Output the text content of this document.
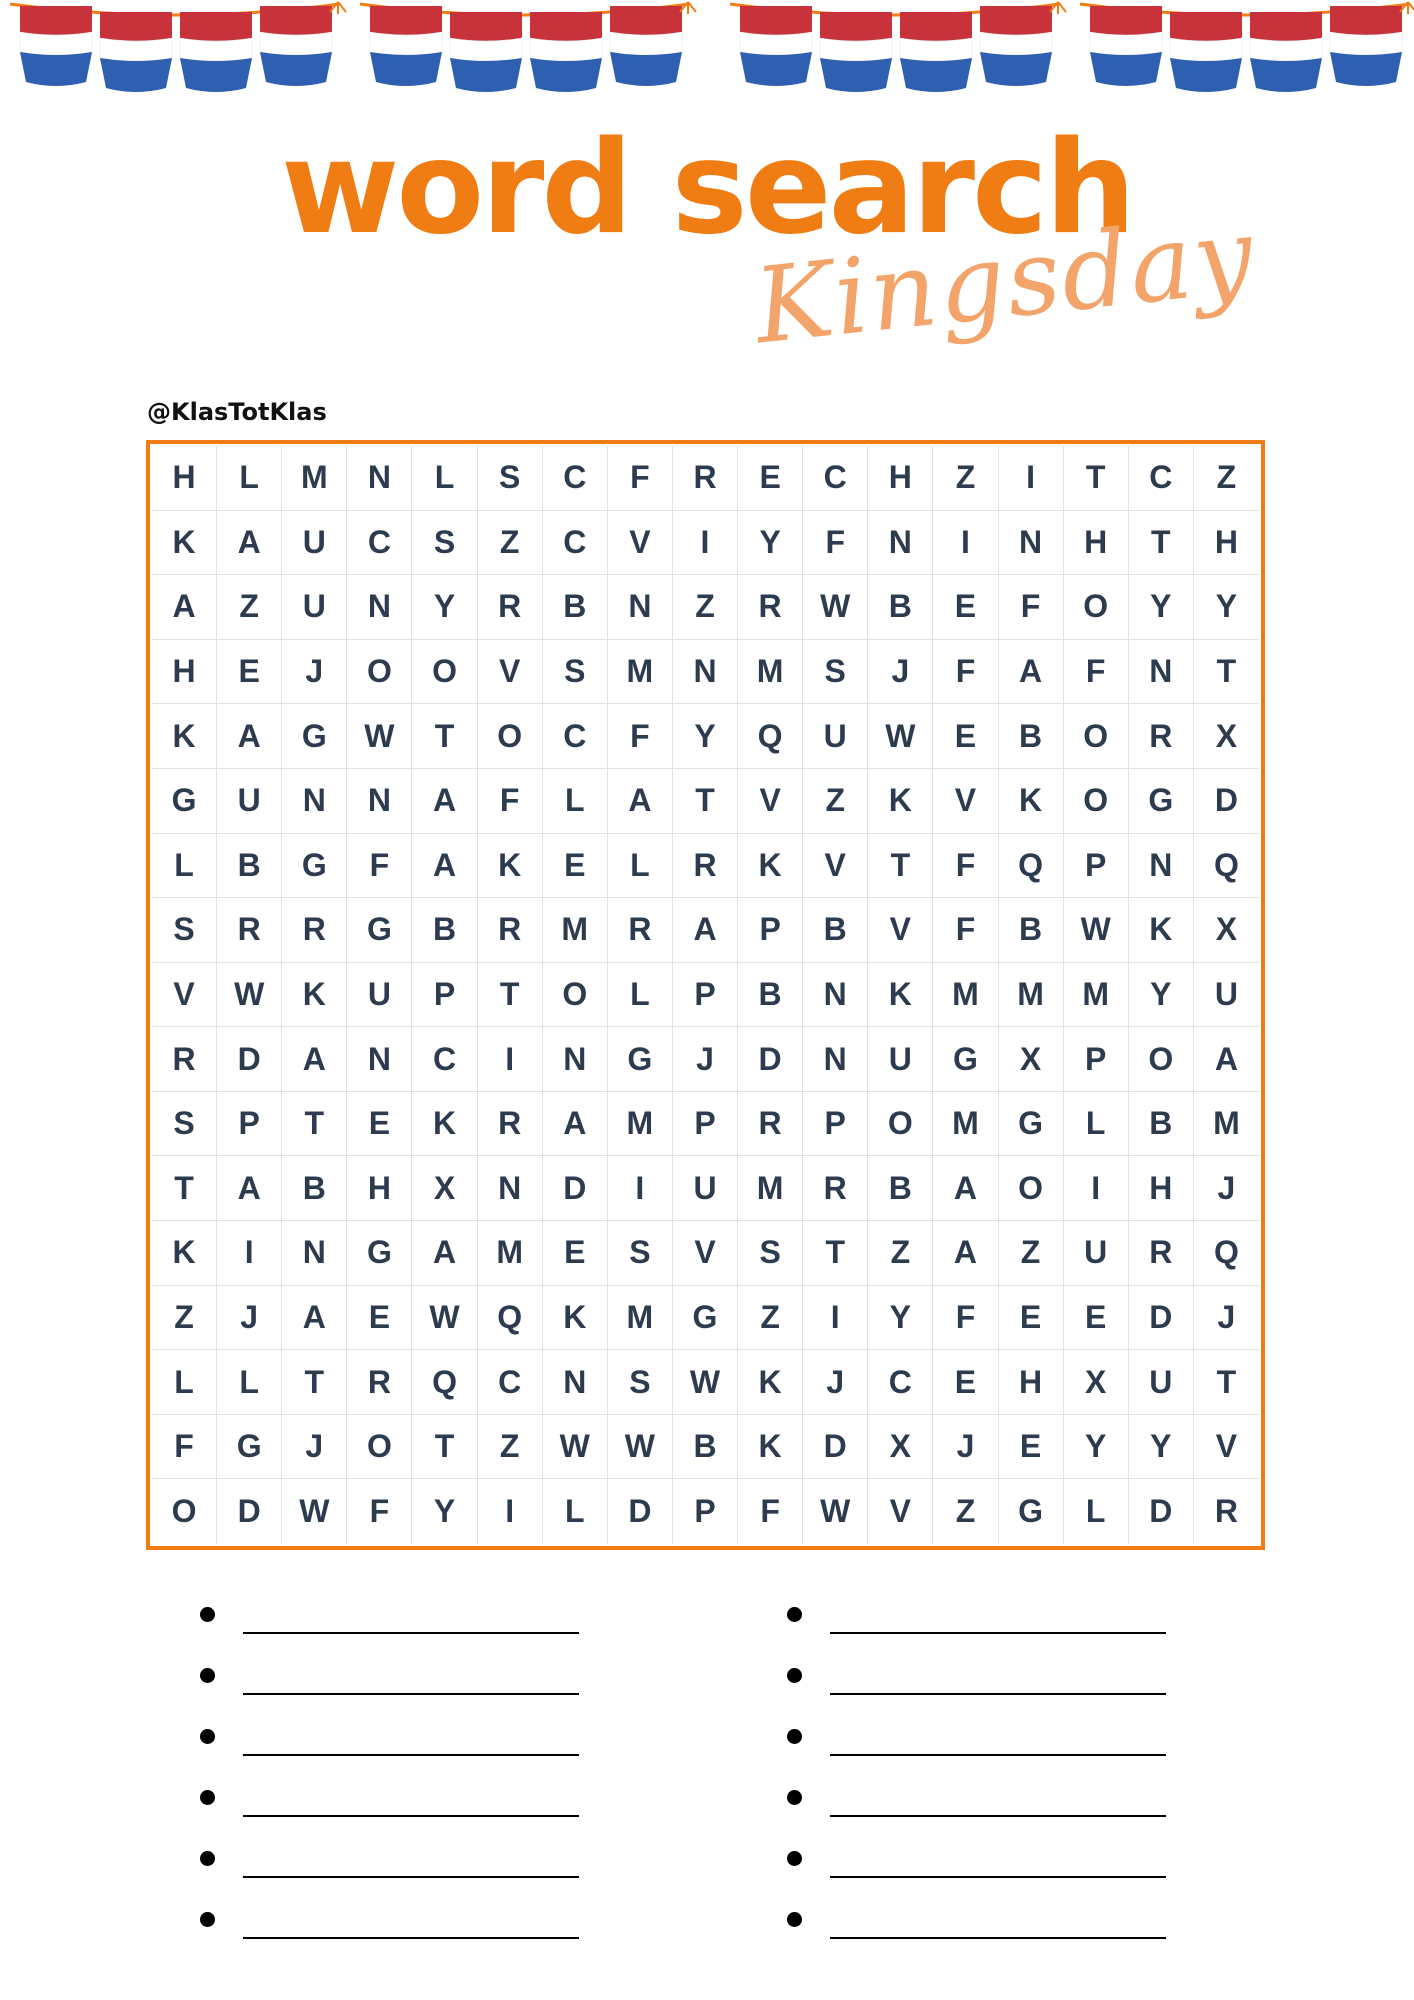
word search
Kingsday
@KlasTotKlas
H	L	M	N	L	S	C	F	R	E	C	H	Z	I	T	C	Z
K	A	U	C	S	Z	C	V	I	Y	F	N	I	N	H	T	H
A	Z	U	N	Y	R	B	N	Z	R	W	B	E	F	O	Y	Y
H	E	J	O	O	V	S	M	N	M	S	J	F	A	F	N	T
K	A	G	W	T	O	C	F	Y	Q	U	W	E	B	O	R	X
G	U	N	N	A	F	L	A	T	V	Z	K	V	K	O	G	D
L	B	G	F	A	K	E	L	R	K	V	T	F	Q	P	N	Q
S	R	R	G	B	R	M	R	A	P	B	V	F	B	W	K	X
V	W	K	U	P	T	O	L	P	B	N	K	M	M	M	Y	U
R	D	A	N	C	I	N	G	J	D	N	U	G	X	P	O	A
S	P	T	E	K	R	A	M	P	R	P	O	M	G	L	B	M
T	A	B	H	X	N	D	I	U	M	R	B	A	O	I	H	J
K	I	N	G	A	M	E	S	V	S	T	Z	A	Z	U	R	Q
Z	J	A	E	W	Q	K	M	G	Z	I	Y	F	E	E	D	J
L	L	T	R	Q	C	N	S	W	K	J	C	E	H	X	U	T
F	G	J	O	T	Z	W	W	B	K	D	X	J	E	Y	Y	V
O	D	W	F	Y	I	L	D	P	F	W	V	Z	G	L	D	R
